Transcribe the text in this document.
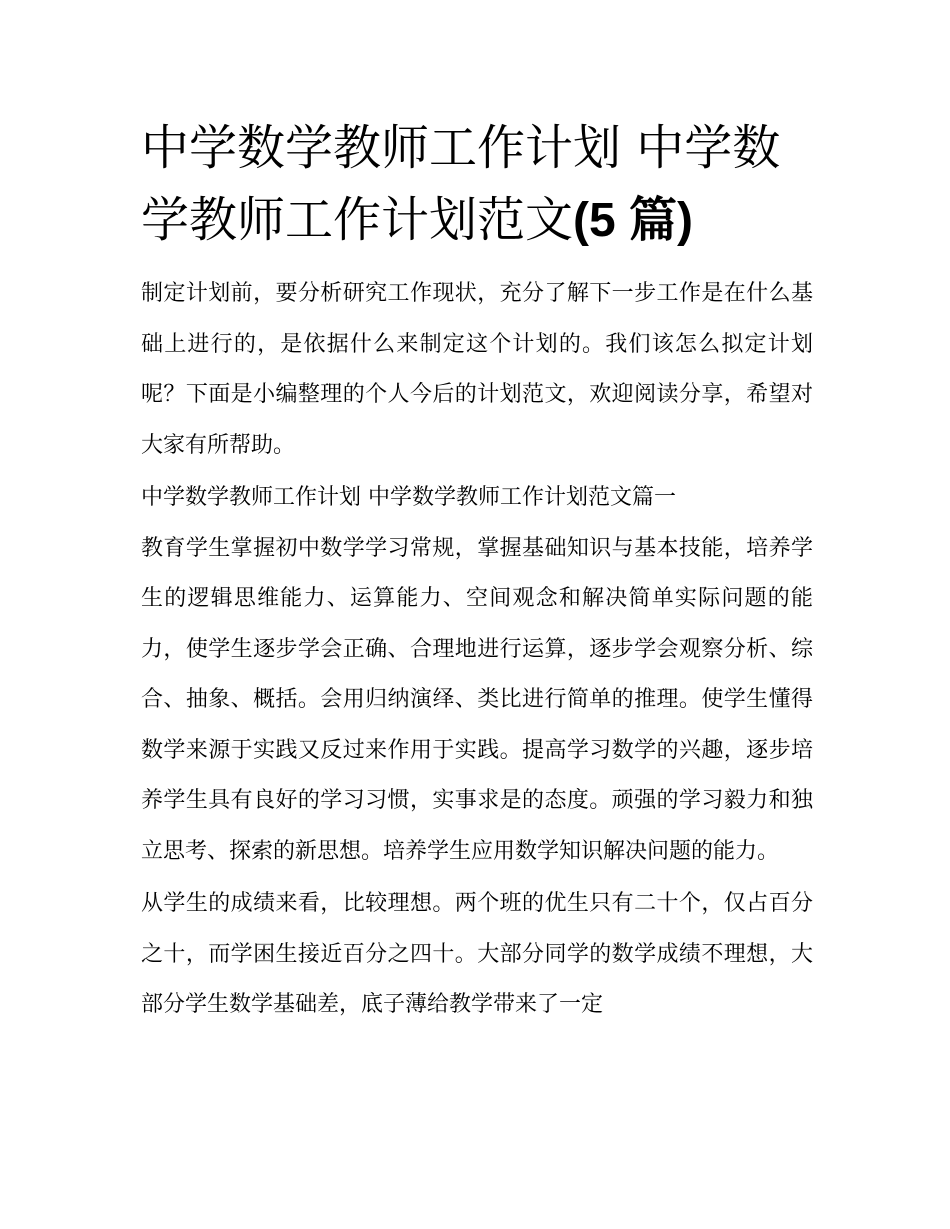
中学数学教师工作计划 中学数学教师工作计划范文(5 篇)

制定计划前，要分析研究工作现状，充分了解下一步工作是在什么基础上进行的，是依据什么来制定这个计划的。我们该怎么拟定计划呢？下面是小编整理的个人今后的计划范文，欢迎阅读分享，希望对大家有所帮助。

中学数学教师工作计划 中学数学教师工作计划范文篇一

教育学生掌握初中数学学习常规，掌握基础知识与基本技能，培养学生的逻辑思维能力、运算能力、空间观念和解决简单实际问题的能力，使学生逐步学会正确、合理地进行运算，逐步学会观察分析、综合、抽象、概括。会用归纳演绎、类比进行简单的推理。使学生懂得数学来源于实践又反过来作用于实践。提高学习数学的兴趣，逐步培养学生具有良好的学习习惯，实事求是的态度。顽强的学习毅力和独立思考、探索的新思想。培养学生应用数学知识解决问题的能力。

从学生的成绩来看，比较理想。两个班的优生只有二十个，仅占百分之十，而学困生接近百分之四十。大部分同学的数学成绩不理想，大部分学生数学基础差，底子薄给教学带来了一定
